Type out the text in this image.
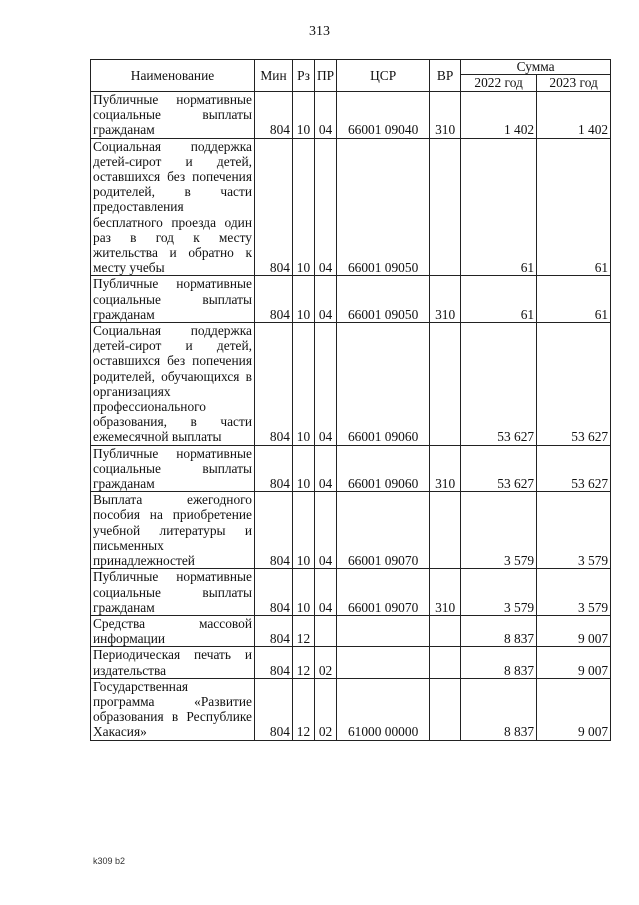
313
Наименование	Мин	Рз	ПР	ЦСР	ВР	Сумма	
						2022 год	2023 год
Публичные нормативные социальные выплаты гражданам	804	10	04	66001 09040	310	1 402	1 402
Социальная поддержка детей-сирот и детей, оставшихся без попечения родителей, в части предоставления бесплатного проезда один раз в год к месту жительства и обратно к месту учебы	804	10	04	66001 09050		61	61
Публичные нормативные социальные выплаты гражданам	804	10	04	66001 09050	310	61	61
Социальная поддержка детей-сирот и детей, оставшихся без попечения родителей, обучающихся в организациях профессионального образования, в части ежемесячной выплаты	804	10	04	66001 09060		53 627	53 627
Публичные нормативные социальные выплаты гражданам	804	10	04	66001 09060	310	53 627	53 627
Выплата ежегодного пособия на приобретение учебной литературы и письменных принадлежностей	804	10	04	66001 09070		3 579	3 579
Публичные нормативные социальные выплаты гражданам	804	10	04	66001 09070	310	3 579	3 579
Средства массовой информации	804	12				8 837	9 007
Периодическая печать и издательства	804	12	02			8 837	9 007
Государственная программа «Развитие образования в Республике Хакасия»	804	12	02	61000 00000		8 837	9 007
k309 b2
